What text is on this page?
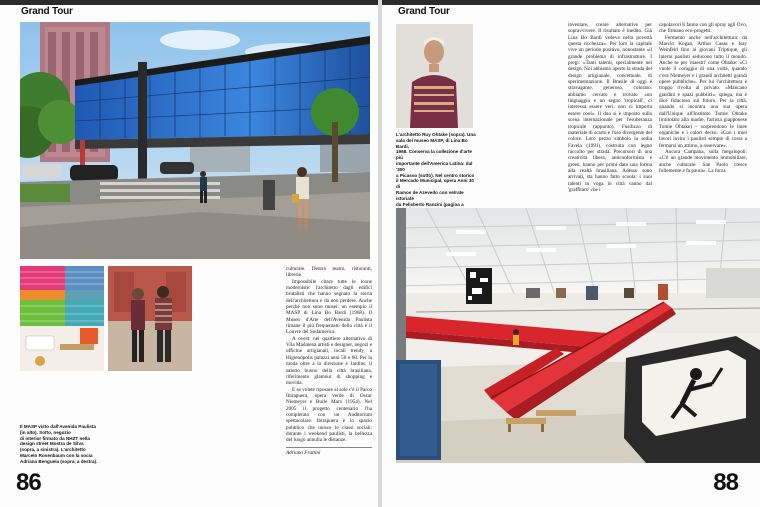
Grand Tour
Il MASP visto dall'Avenida Paulista
(in alto). Sotto, negozio
di interior firmato da NHZT nella
design street Mostra de Silva
(sopra, a sinistra). L'architetto
Marcelo Rosenbaum con la socia
Adriana Benguela (sopra, a destra).

culturale. Dentro teatro, ristoranti, librerie.

Impossibile citare tutte le icone moderniste: l'architetto dagli edifici brutalisti che hanno segnato la storia dell'architettura e da non perdere. Anche perché non sono musei: un esempio il MASP di Lina Bo Bardi (1968). Il Museo d'Arte dell'Avenida Paulista rimane il più frequentato della città e il Louvre del Sudamerica.

A ovest: nel quartiere alternativo di Vila Madalena artisti e designer, negozi e officine artigianali, locali trendy, a Higienópolis palazzi anni 50 e 60. Per la moda oltre a la direzione è Jardins, il salotto buono della città brasiliana, riferimento glamour di shopping e movida.

E se volete riposare al sole c'è il Parco Ibirapuera, opera verde di Oscar Niemeyer e Burle Marx (1954). Nel 2005 il progetto centenario l'ha completato con un Auditorium spettacolare. Ibirapuera è lo spazio pubblico che unisce le classi sociali: durante i weekend paulisti, la bellezza del luogo annulla le distanze.

Adriana Frattini
86
Grand Tour
L'architetto Ruy Ohtake (sopra). Una
sala del museo MASP, di Lina Bo Bardi,
1968. Conserva la collezione d'arte più
importante dell'America Latina: dal '300
a Picasso (sotto). Nel centro storico
il Mercado Municipal, opera Anni 30 di
Ramos de Azevedo con vetrate istoriate
da Felisberto Ranzini (pagina a

inventare, creare alternative per sopravvivere. Il risultato è inedito. Già Lina Bo Bardi vedeva nella povertà questa ricchezza». Per loro la capitale vive un periodo positivo, nonostante «il grande problema di infrastrutture. I pregi: «Tanti talenti, specialmente nel design. Noi abbiamo aperto la strada del design artigianale, concettuale, di sperimentazione. Il Brasile di oggi è stravagante, generoso, colorato: abbiamo cercato e trovato «un linguaggio e un segno 'tropicali', ci interessa essere veri, non ci importa essere cool». Il duo si è imposto sulla scena internazionale per l'esuberanza tropicale (appunto). Fusilizzo di materiale di scarto e l'uso divergente del colore. Loro pezzo simbolo la sedia Favela (1991), costruita con legno raccolto per strada. Precursori di una creatività libera, anticonformista e green, hanno per primi dato una forma alla realtà brasiliana. Adesso sono arrivati, sta hanno fatto scuola: i suoi talenti in voga in città vanno dal 'graffitaro' che i

capolavori li fanno con gli spray agli Ovo, che firmano eco-progetti.

Fermento anche nell'architettura: da Marcio Kogan, Arthur Casas e Isay Weinfeld fino ai giovani Triptique, gli interni paulisti seducono tutto il mondo. Anche se per 'maestri' come Ohtake: «Ci vuole il coraggio di una volta, quando c'era Niemeyer e i grandi architetti grandi opere pubbliche». Per lui l'architettura è troppo rivolta al privato. «Mancano giardini e spazi pubblici», spiega, ma è dice fiducioso sul futuro. Per la città, quando si incontra una sua opera dall'Unique all'Instituto Tomie Ohtake (intitolato alla madre, l'artista giapponese Tomie Ohtake) – sorprendono le linee organiche e i colori decisi. «Con i miei lavori invito i paulisti sempre di corsa a fermarsi un attimo, a osservare».

Ancora Campana, sulla megalopoli: «C'è un grande movimento immobiliare, anche culturale: San Paolo cresce follemente e fa paura». La forza

88
